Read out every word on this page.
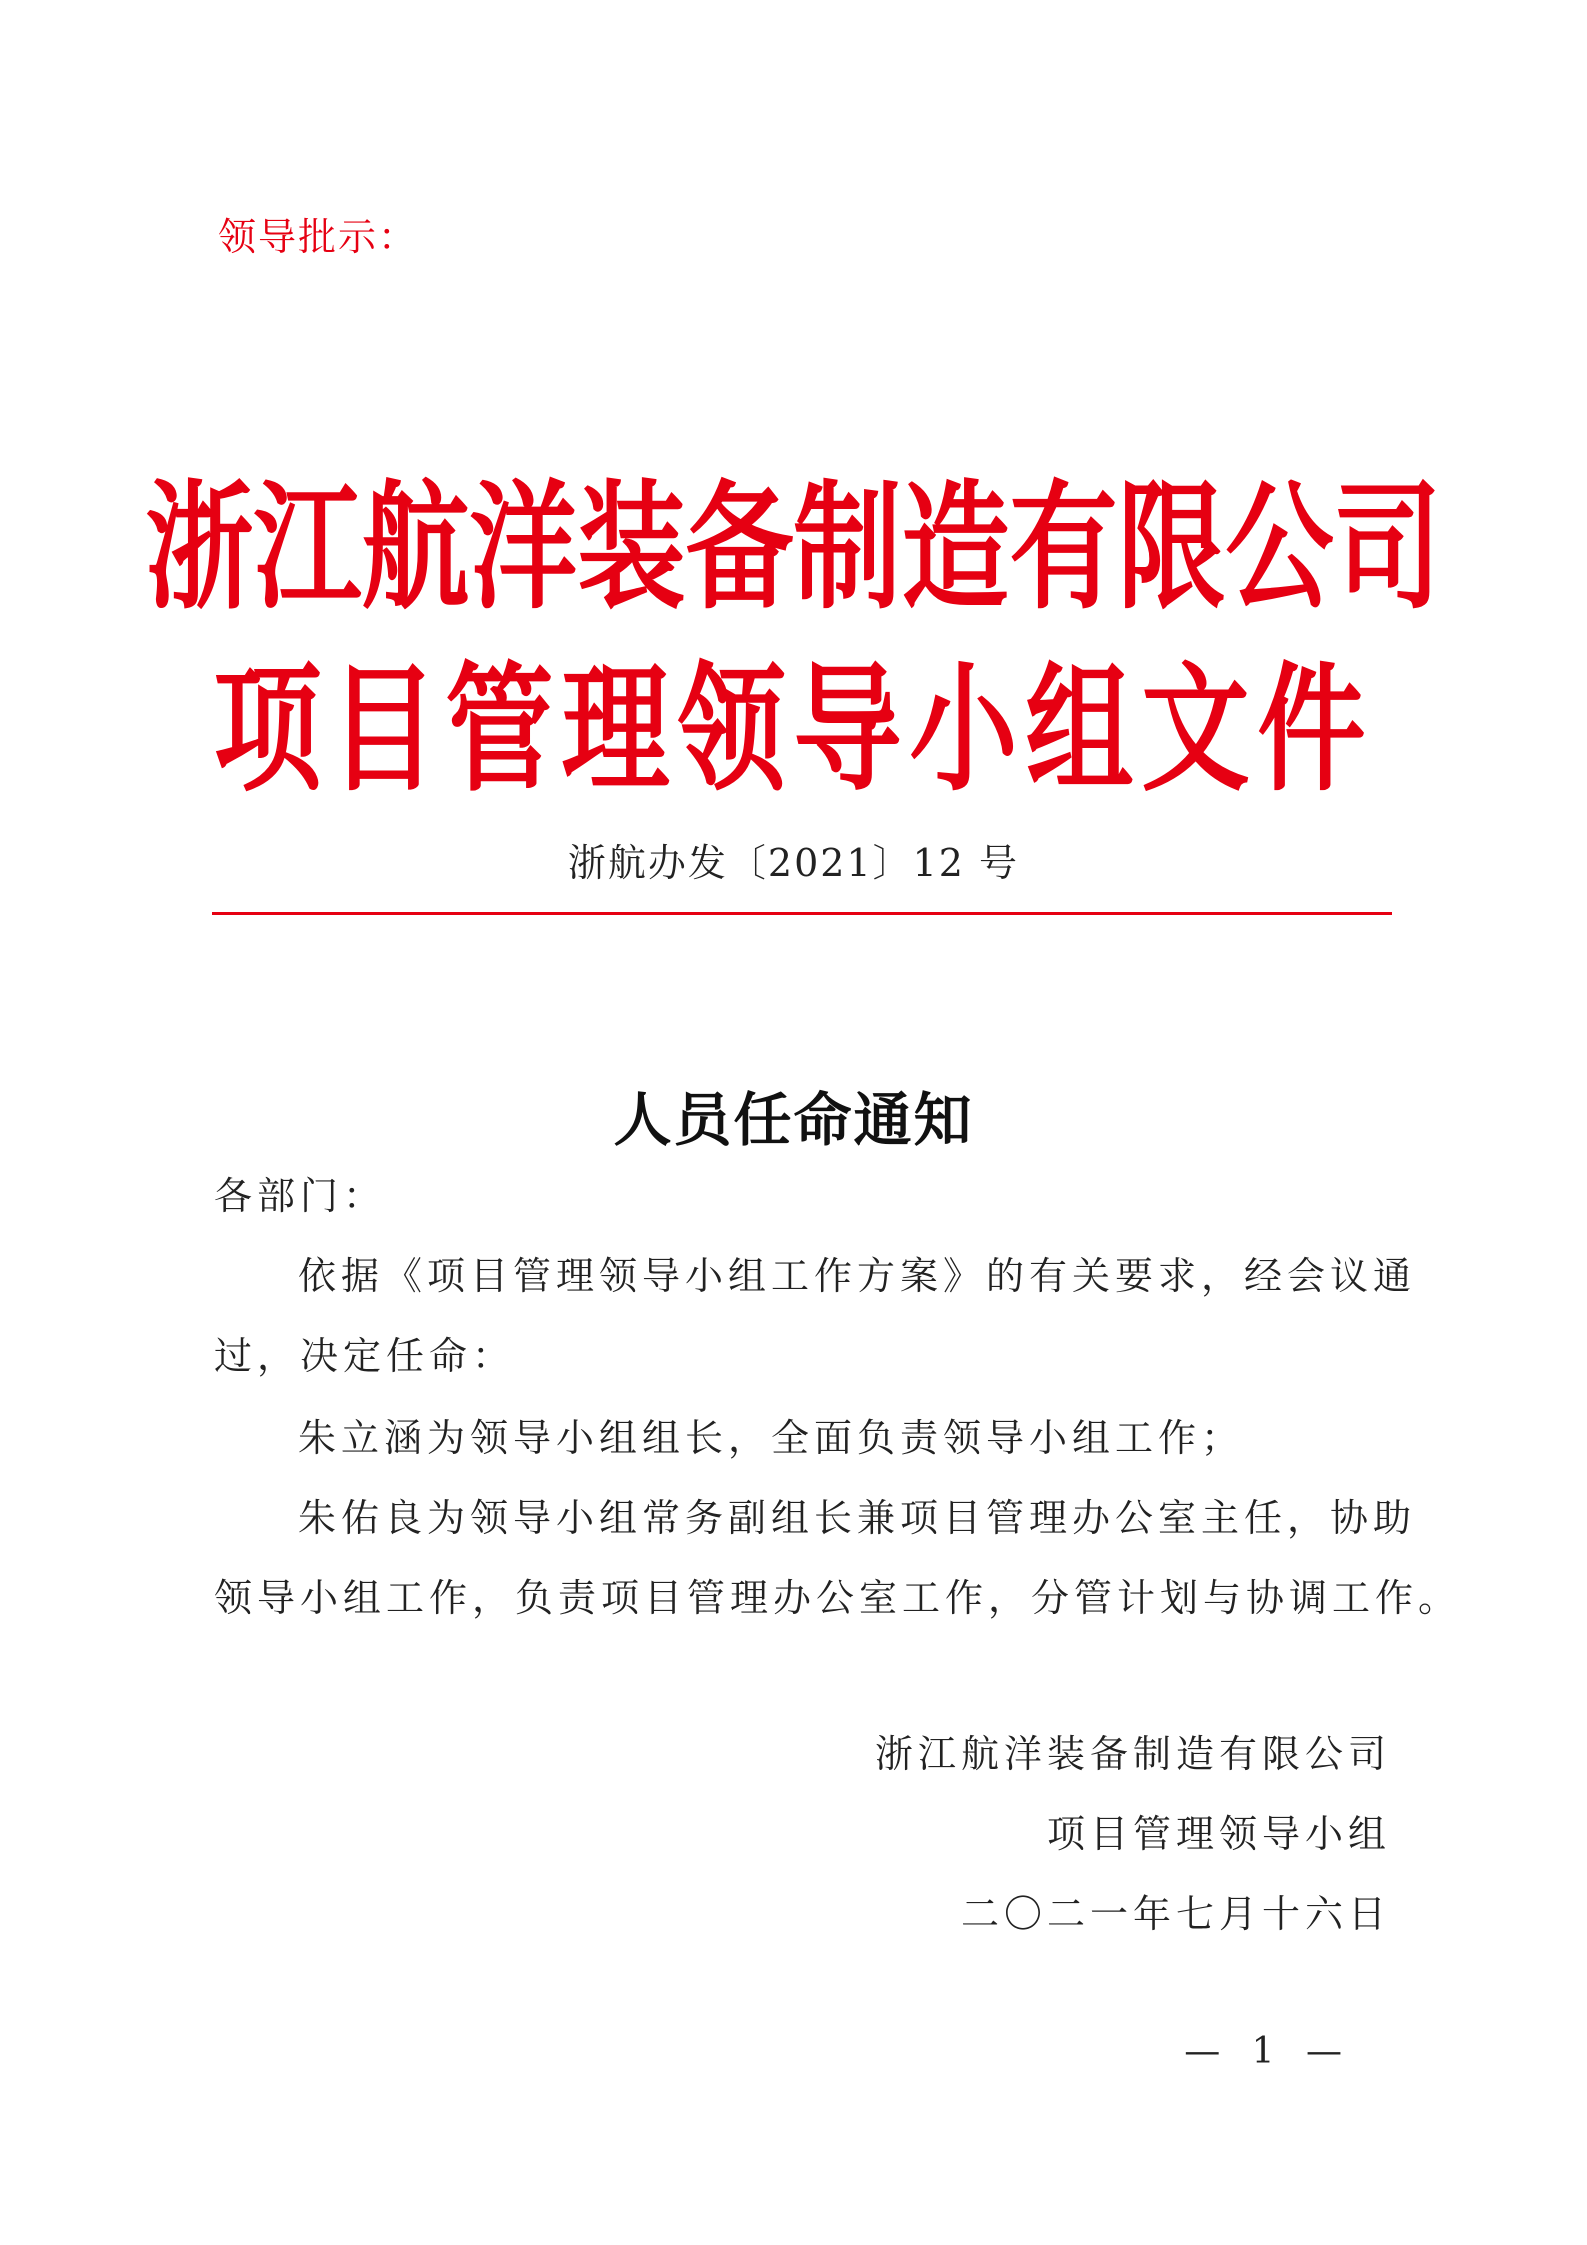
领导批示：
浙江航洋装备制造有限公司
项目管理领导小组文件
浙航办发〔2021〕12 号
人员任命通知
各部门：
依据《项目管理领导小组工作方案》的有关要求，经会议通
过，决定任命：
朱立涵为领导小组组长，全面负责领导小组工作；
朱佑良为领导小组常务副组长兼项目管理办公室主任，协助
领导小组工作，负责项目管理办公室工作，分管计划与协调工作。
浙江航洋装备制造有限公司
项目管理领导小组
二〇二一年七月十六日
— 1 —
